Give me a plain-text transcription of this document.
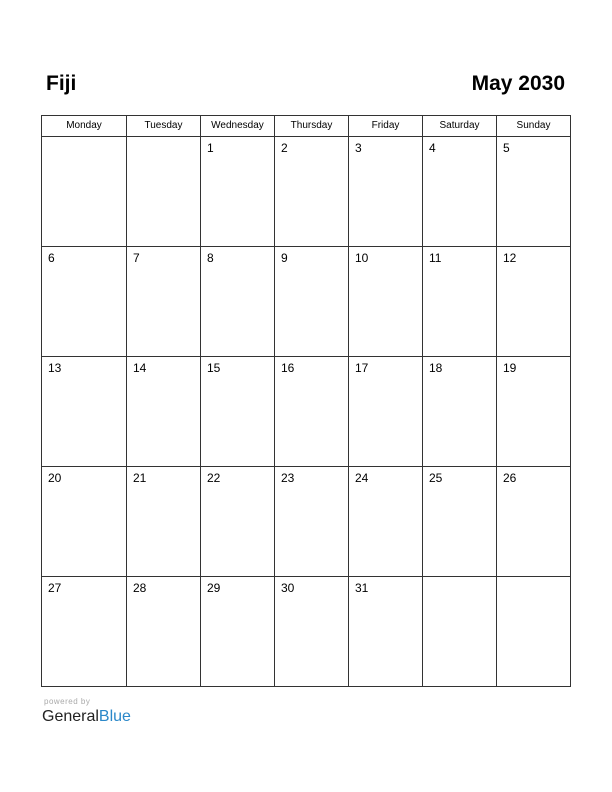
Fiji	May 2030
Monday	Tuesday	Wednesday	Thursday	Friday	Saturday	Sunday

		1	2	3	4	5

6	7	8	9	10	11	12

13	14	15	16	17	18	19

20	21	22	23	24	25	26

27	28	29	30	31		

powered by
GeneralBlue
